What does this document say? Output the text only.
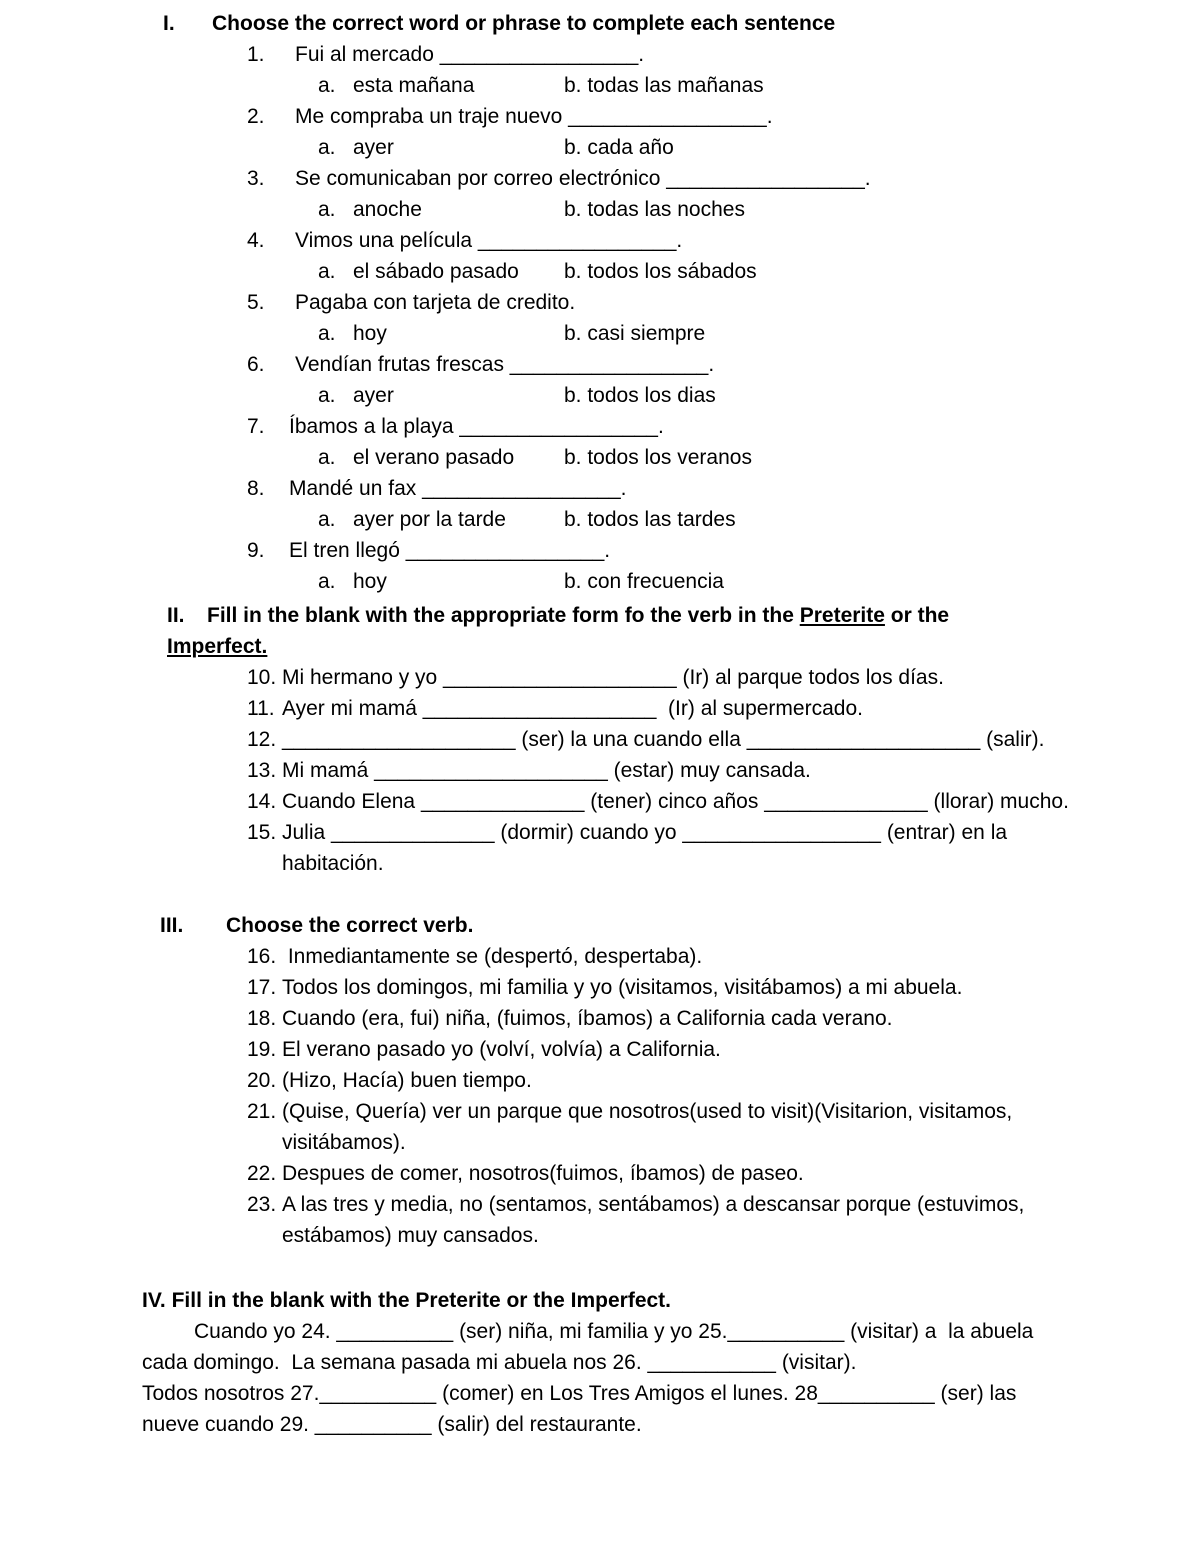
I. Choose the correct word or phrase to complete each sentence
1. Fui al mercado _________________.
a. esta mañana	b. todas las mañanas
2. Me compraba un traje nuevo _________________.
a. ayer	b. cada año
3. Se comunicaban por correo electrónico _________________.
a. anoche	b. todas las noches
4. Vimos una película _________________.
a. el sábado pasado b. todos los sábados
5. Pagaba con tarjeta de credito.
a. hoy	b. casi siempre
6. Vendían frutas frescas _________________.
a. ayer	b. todos los dias
7. Íbamos a la playa _________________.
a. el verano pasado b. todos los veranos
8. Mandé un fax _________________.
a. ayer por la tarde	b. todos las tardes
9. El tren llegó _________________.
a. hoy	b. con frecuencia
II. Fill in the blank with the appropriate form fo the verb in the Preterite or the
Imperfect.
10. Mi hermano y yo ____________________ (Ir) al parque todos los días.
11. Ayer mi mamá ____________________  (Ir) al supermercado.
12. ____________________ (ser) la una cuando ella ____________________ (salir).
13. Mi mamá ____________________ (estar) muy cansada.
14. Cuando Elena ______________ (tener) cinco años ______________ (llorar) mucho.
15. Julia ______________ (dormir) cuando yo _________________ (entrar) en la
habitación.
III. Choose the correct verb.
16. Inmediantamente se (despertó, despertaba).
17. Todos los domingos, mi familia y yo (visitamos, visitábamos) a mi abuela.
18. Cuando (era, fui) niña, (fuimos, íbamos) a California cada verano.
19. El verano pasado yo (volví, volvía) a California.
20. (Hizo, Hacía) buen tiempo.
21. (Quise, Quería) ver un parque que nosotros(used to visit)(Visitarion, visitamos,
visitábamos).
22. Despues de comer, nosotros(fuimos, íbamos) de paseo.
23. A las tres y media, no (sentamos, sentábamos) a descansar porque (estuvimos,
estábamos) muy cansados.
IV. Fill in the blank with the Preterite or the Imperfect.
Cuando yo 24. __________ (ser) niña, mi familia y yo 25.__________ (visitar) a  la abuela
cada domingo.  La semana pasada mi abuela nos 26. ___________ (visitar).
Todos nosotros 27.__________ (comer) en Los Tres Amigos el lunes. 28__________ (ser) las
nueve cuando 29. __________ (salir) del restaurante.
